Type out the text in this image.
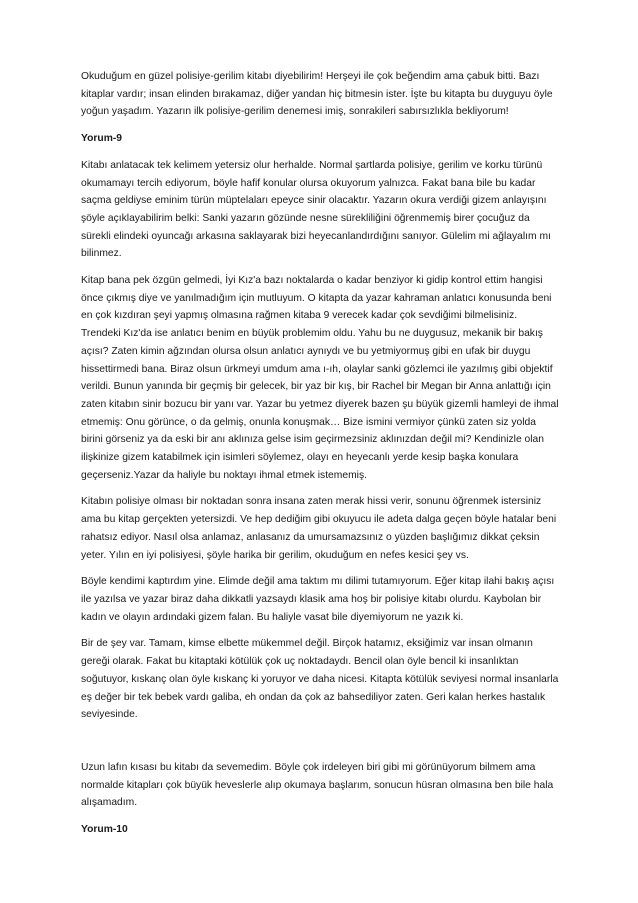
Okuduğum en güzel polisiye-gerilim kitabı diyebilirim! Herşeyi ile çok beğendim ama çabuk bitti. Bazı kitaplar vardır; insan elinden bırakamaz, diğer yandan hiç bitmesin ister. İşte bu kitapta bu duyguyu öyle yoğun yaşadım. Yazarın ilk polisiye-gerilim denemesi imiş, sonrakileri sabırsızlıkla bekliyorum!

Yorum-9

Kitabı anlatacak tek kelimem yetersiz olur herhalde. Normal şartlarda polisiye, gerilim ve korku türünü okumamayı tercih ediyorum, böyle hafif konular olursa okuyorum yalnızca. Fakat bana bile bu kadar saçma geldiyse eminim türün müptelaları epeyce sinir olacaktır. Yazarın okura verdiği gizem anlayışını şöyle açıklayabilirim belki: Sanki yazarın gözünde nesne sürekliliğini öğrenmemiş birer çocuğuz da sürekli elindeki oyuncağı arkasına saklayarak bizi heyecanlandırdığını sanıyor. Gülelim mi ağlayalım mı bilinmez.

Kitap bana pek özgün gelmedi, İyi Kız'a bazı noktalarda o kadar benziyor ki gidip kontrol ettim hangisi önce çıkmış diye ve yanılmadığım için mutluyum. O kitapta da yazar kahraman anlatıcı konusunda beni en çok kızdıran şeyi yapmış olmasına rağmen kitaba 9 verecek kadar çok sevdiğimi bilmelisiniz. Trendeki Kız'da ise anlatıcı benim en büyük problemim oldu. Yahu bu ne duygusuz, mekanik bir bakış açısı? Zaten kimin ağzından olursa olsun anlatıcı aynıydı ve bu yetmiyormuş gibi en ufak bir duygu hissettirmedi bana. Biraz olsun ürkmeyi umdum ama ı-ıh, olaylar sanki gözlemci ile yazılmış gibi objektif verildi. Bunun yanında bir geçmiş bir gelecek, bir yaz bir kış, bir Rachel bir Megan bir Anna anlattığı için zaten kitabın sinir bozucu bir yanı var. Yazar bu yetmez diyerek bazen şu büyük gizemli hamleyi de ihmal etmemiş: Onu görünce, o da gelmiş, onunla konuşmak… Bize ismini vermiyor çünkü zaten siz yolda birini görseniz ya da eski bir anı aklınıza gelse isim geçirmezsiniz aklınızdan değil mi? Kendinizle olan ilişkinize gizem katabilmek için isimleri söylemez, olayı en heyecanlı yerde kesip başka konulara geçerseniz.Yazar da haliyle bu noktayı ihmal etmek istememiş.

Kitabın polisiye olması bir noktadan sonra insana zaten merak hissi verir, sonunu öğrenmek istersiniz ama bu kitap gerçekten yetersizdi. Ve hep dediğim gibi okuyucu ile adeta dalga geçen böyle hatalar beni rahatsız ediyor. Nasıl olsa anlamaz, anlasanız da umursamazsınız o yüzden başlığımız dikkat çeksin yeter. Yılın en iyi polisiyesi, şöyle harika bir gerilim, okuduğum en nefes kesici şey vs.

Böyle kendimi kaptırdım yine. Elimde değil ama taktım mı dilimi tutamıyorum. Eğer kitap ilahi bakış açısı ile yazılsa ve yazar biraz daha dikkatli yazsaydı klasik ama hoş bir polisiye kitabı olurdu. Kaybolan bir kadın ve olayın ardındaki gizem falan. Bu haliyle vasat bile diyemiyorum ne yazık ki.

Bir de şey var. Tamam, kimse elbette mükemmel değil. Birçok hatamız, eksiğimiz var insan olmanın gereği olarak. Fakat bu kitaptaki kötülük çok uç noktadaydı. Bencil olan öyle bencil ki insanlıktan soğutuyor, kıskanç olan öyle kıskanç ki yoruyor ve daha nicesi. Kitapta kötülük seviyesi normal insanlarla eş değer bir tek bebek vardı galiba, eh ondan da çok az bahsediliyor zaten. Geri kalan herkes hastalık seviyesinde.

Uzun lafın kısası bu kitabı da sevemedim. Böyle çok irdeleyen biri gibi mi görünüyorum bilmem ama normalde kitapları çok büyük heveslerle alıp okumaya başlarım, sonucun hüsran olmasına ben bile hala alışamadım.

Yorum-10
